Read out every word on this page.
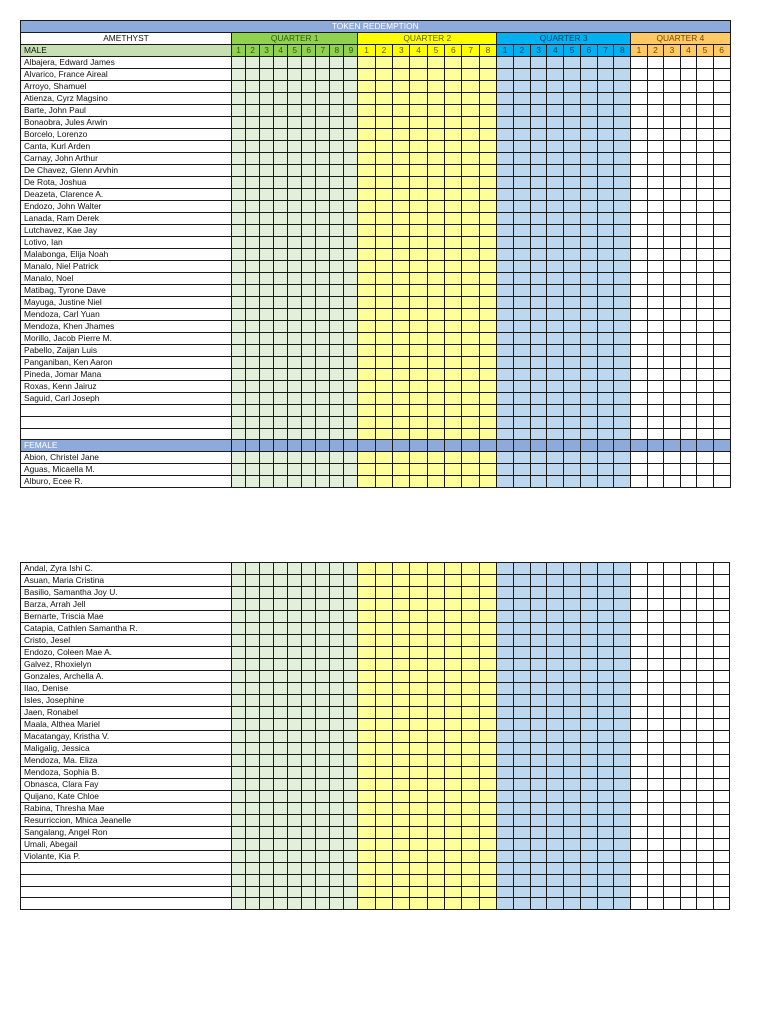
TOKEN REDEMPTION																															
AMETHYST	QUARTER 1									QUARTER 2								QUARTER 3								QUARTER 4					
MALE	1	2	3	4	5	6	7	8	9	1	2	3	4	5	6	7	8	1	2	3	4	5	6	7	8	1	2	3	4	5	6
Albajera, Edward James																															
Alvarico, France Aireal																															
Arroyo, Shamuel																															
Atienza, Cyrz Magsino																															
Barte, John Paul																															
Bonaobra, Jules Arwin																															
Borcelo, Lorenzo																															
Canta, Kurl Arden																															
Carnay, John Arthur																															
De Chavez, Glenn Arvhin																															
De Rota, Joshua																															
Deazeta, Clarence A.																															
Endozo, John Walter																															
Lanada, Ram Derek																															
Lutchavez, Kae Jay																															
Lotivo, Ian																															
Malabonga, Elija Noah																															
Manalo, Niel Patrick																															
Manalo, Noel																															
Matibag, Tyrone Dave																															
Mayuga, Justine Niel																															
Mendoza, Carl Yuan																															
Mendoza, Khen Jhames																															
Morillo, Jacob Pierre M.																															
Pabello, Zaijan Luis																															
Panganiban, Ken Aaron																															
Pineda, Jomar Mana																															
Roxas, Kenn Jairuz																															
Saguid, Carl Joseph																															

FEMALE																															
Abion, Christel Jane																															
Aguas, Micaella M.																															
Alburo, Ecee R.																															
Andal, Zyra Ishi C.																															
Asuan, Maria Cristina																															
Basilio, Samantha Joy U.																															
Barza, Arrah Jell																															
Bernarte, Triscia Mae																															
Catapia, Cathlen Samantha R.																															
Cristo, Jesel																															
Endozo, Coleen Mae A.																															
Galvez, Rhoxielyn																															
Gonzales, Archella A.																															
Ilao, Denise																															
Isles, Josephine																															
Jaen, Ronabel																															
Maala, Althea Mariel																															
Macatangay, Kristha V.																															
Maligalig, Jessica																															
Mendoza, Ma. Eliza																															
Mendoza, Sophia B.																															
Obnasca, Clara Fay																															
Quijano, Kate Chloe																															
Rabina, Thresha Mae																															
Resurriccion, Mhica Jeanelle																															
Sangalang, Angel Ron																															
Umali, Abegail																															
Violante, Kia P.																															
